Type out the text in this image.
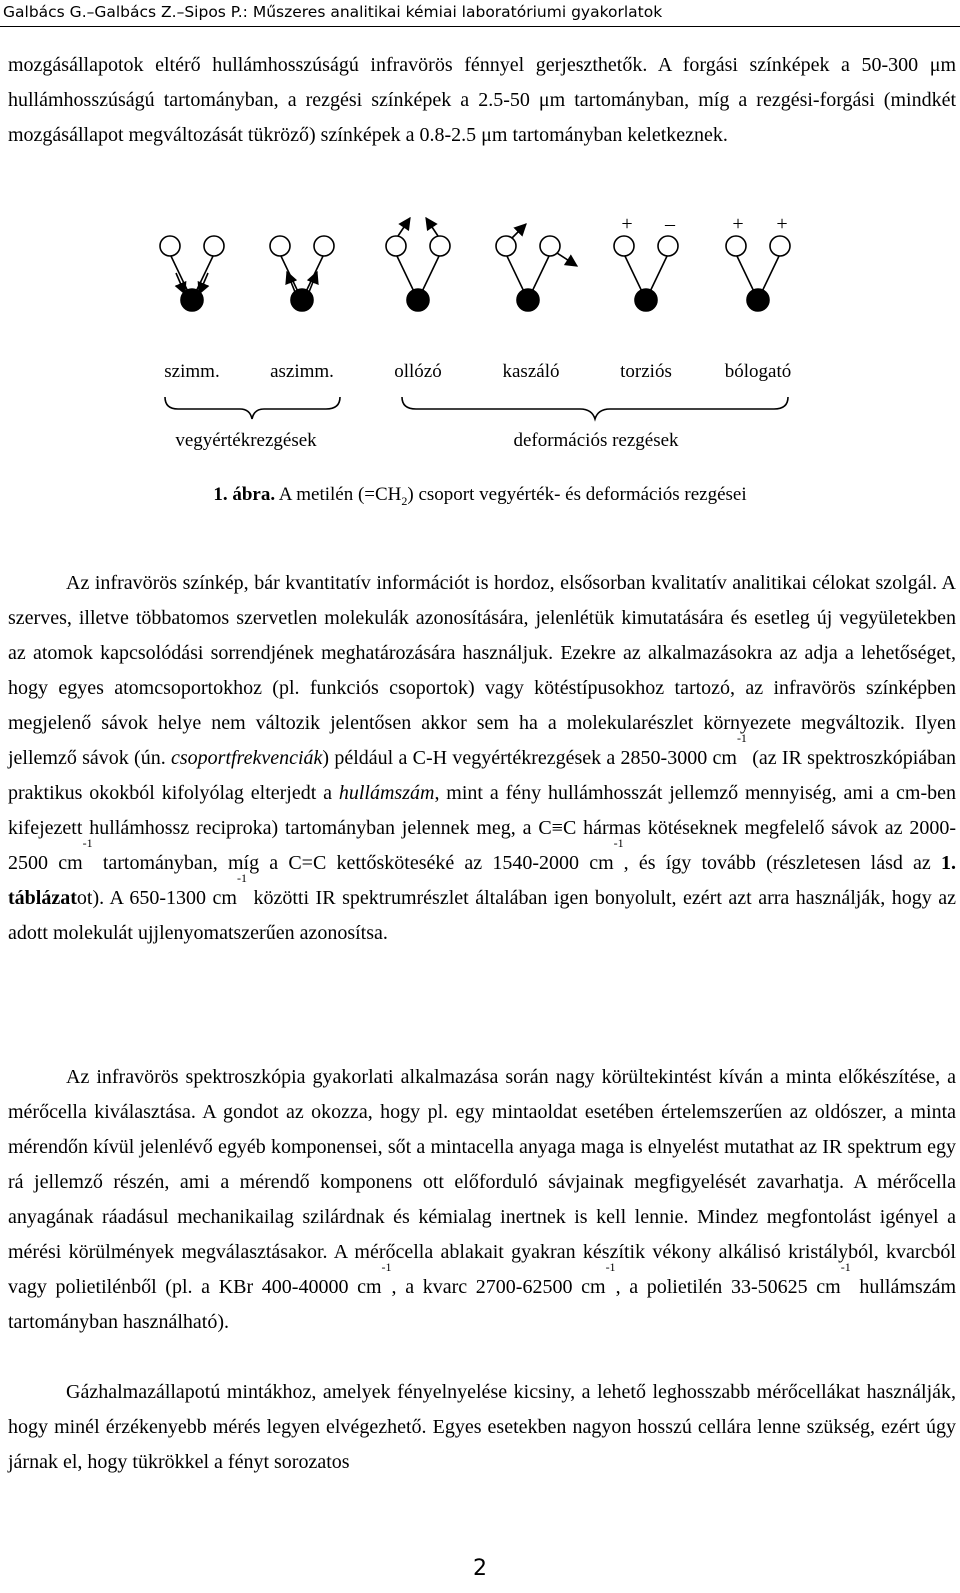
Galbács G.–Galbács Z.–Sipos P.: Műszeres analitikai kémiai laboratóriumi gyakorlatok

mozgásállapotok eltérő hullámhosszúságú infravörös fénnyel gerjeszthetők. A forgási színképek a 50-300 μm hullámhosszúságú tartományban, a rezgési színképek a 2.5-50 μm tartományban, míg a rezgési-forgási (mindkét mozgásállapot megváltozását tükröző) színképek a 0.8-2.5 μm tartományban keletkeznek.

+ –	+ +
szimm.	aszimm.	ollózó	kaszáló	torziós	bólogató
vegyértékrezgések	deformációs rezgések
1. ábra. A metilén $(=CH_2)$ csoport vegyérték- és deformációs rezgései

Az infravörös színkép, bár kvantitatív információt is hordoz, elsősorban kvalitatív analitikai célokat szolgál. A szerves, illetve többatomos szervetlen molekulák azonosítására, jelenlétük kimutatására és esetleg új vegyületekben az atomok kapcsolódási sorrendjének meghatározására használjuk. Ezekre az alkalmazásokra az adja a lehetőséget, hogy egyes atomcsoportokhoz (pl. funkciós csoportok) vagy kötéstípusokhoz tartozó, az infravörös színképben megjelenő sávok helye nem változik jelentősen akkor sem ha a molekularészlet környezete megváltozik. Ilyen jellemző sávok (ún. csoportfrekvenciák) például a C-H vegyértékrezgések a 2850-3000 $cm^{-1}$ (az IR spektroszkópiában praktikus okokból kifolyólag elterjedt a hullámszám, mint a fény hullámhosszát jellemző mennyiség, ami a cm-ben kifejezett hullámhossz reciproka) tartományban jelennek meg, a C≡C hármas kötéseknek megfelelő sávok az 2000-2500 $cm^{-1}$ tartományban, míg a C=C kettősköteséké az 1540-2000 $cm^{-1}$, és így tovább (részletesen lásd az 1. táblázatot). A 650-1300 $cm^{-1}$ közötti IR spektrumrészlet általában igen bonyolult, ezért azt arra használják, hogy az adott molekulát ujjlenyomatszerűen azonosítsa.

Az infravörös spektroszkópia gyakorlati alkalmazása során nagy körültekintést kíván a minta előkészítése, a mérőcella kiválasztása. A gondot az okozza, hogy pl. egy mintaoldat esetében értelemszerűen az oldószer, a minta mérendőn kívül jelenlévő egyéb komponensei, sőt a mintacella anyaga maga is elnyelést mutathat az IR spektrum egy rá jellemző részén, ami a mérendő komponens ott előforduló sávjainak megfigyelését zavarhatja. A mérőcella anyagának ráadásul mechanikailag szilárdnak és kémialag inertnek is kell lennie. Mindez megfontolást igényel a mérési körülmények megválasztásakor. A mérőcella ablakait gyakran készítik vékony alkálisó kristályból, kvarcból vagy polietilénből (pl. a KBr 400-40000 $cm^{-1}$, a kvarc 2700-62500 $cm^{-1}$, a polietilén 33-50625 $cm^{-1}$ hullámszám tartományban használható).

Gázhalmazállapotú mintákhoz, amelyek fényelnyelése kicsiny, a lehető leghosszabb mérőcellákat használják, hogy minél érzékenyebb mérés legyen elvégezhető. Egyes esetekben nagyon hosszú cellára lenne szükség, ezért úgy járnak el, hogy tükrökkel a fényt sorozatos

2
